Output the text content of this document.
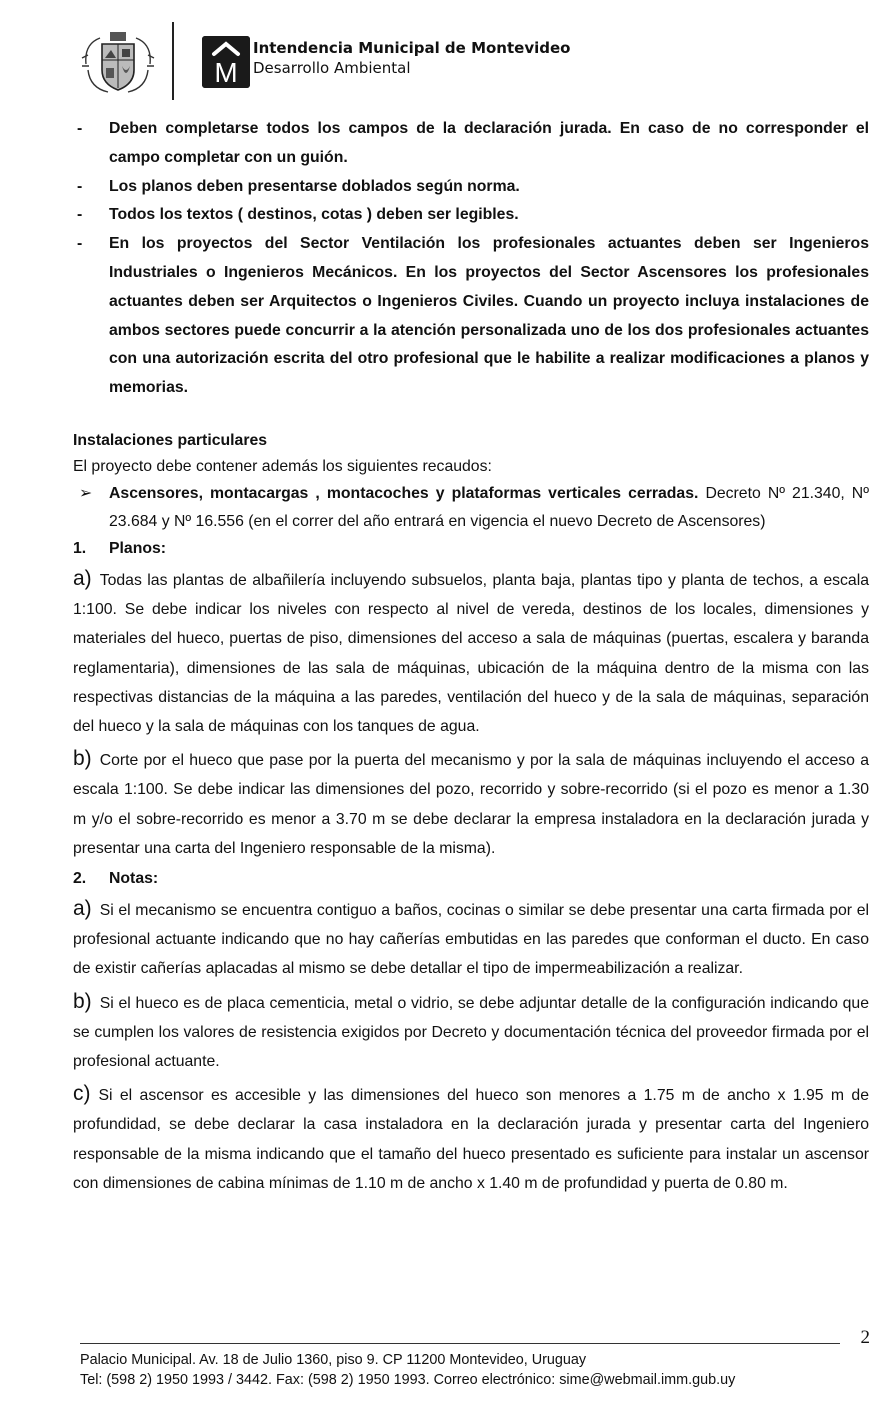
M
Intendencia Municipal de Montevideo
Desarrollo Ambiental
- Deben completarse todos los campos de la declaración jurada. En caso de no corresponder el campo completar con un guión.
- Los planos deben presentarse doblados según norma.
- Todos los textos ( destinos, cotas ) deben ser legibles.
- En los proyectos del Sector Ventilación los profesionales actuantes deben ser Ingenieros Industriales o Ingenieros Mecánicos. En los proyectos del Sector Ascensores los profesionales actuantes deben ser Arquitectos o Ingenieros Civiles. Cuando un proyecto incluya instalaciones de ambos sectores puede concurrir a la atención personalizada uno de los dos profesionales actuantes con una autorización escrita del otro profesional que le habilite a realizar modificaciones a planos y memorias.
Instalaciones particulares
El proyecto debe contener además los siguientes recaudos:
➢ Ascensores, montacargas , montacoches y plataformas verticales cerradas. Decreto Nº 21.340, Nº 23.684 y Nº 16.556 (en el correr del año entrará en vigencia el nuevo Decreto de Ascensores)
1. Planos:

a) Todas las plantas de albañilería incluyendo subsuelos, planta baja, plantas tipo y planta de techos, a escala 1:100. Se debe indicar los niveles con respecto al nivel de vereda, destinos de los locales, dimensiones y materiales del hueco, puertas de piso, dimensiones del acceso a sala de máquinas (puertas, escalera y baranda reglamentaria), dimensiones de las sala de máquinas, ubicación de la máquina dentro de la misma con las respectivas distancias de la máquina a las paredes, ventilación del hueco y de la sala de máquinas, separación del hueco y la sala de máquinas con los tanques de agua.

b) Corte por el hueco que pase por la puerta del mecanismo y por la sala de máquinas incluyendo el acceso a escala 1:100. Se debe indicar las dimensiones del pozo, recorrido y sobre-recorrido (si el pozo es menor a 1.30 m y/o el sobre-recorrido es menor a 3.70 m se debe declarar la empresa instaladora en la declaración jurada y presentar una carta del Ingeniero responsable de la misma).

2. Notas:

a) Si el mecanismo se encuentra contiguo a baños, cocinas o similar se debe presentar una carta firmada por el profesional actuante indicando que no hay cañerías embutidas en las paredes que conforman el ducto. En caso de existir cañerías aplacadas al mismo se debe detallar el tipo de impermeabilización a realizar.

b) Si el hueco es de placa cementicia, metal o vidrio, se debe adjuntar detalle de la configuración indicando que se cumplen los valores de resistencia exigidos por Decreto y documentación técnica del proveedor firmada por el profesional actuante.

c) Si el ascensor es accesible y las dimensiones del hueco son menores a 1.75 m de ancho x 1.95 m de profundidad, se debe declarar la casa instaladora en la declaración jurada y presentar carta del Ingeniero responsable de la misma indicando que el tamaño del hueco presentado es suficiente para instalar un ascensor con dimensiones de cabina mínimas de 1.10 m de ancho x 1.40 m de profundidad y puerta de 0.80 m.

2
Palacio Municipal. Av. 18 de Julio 1360, piso 9. CP 11200 Montevideo, Uruguay
Tel: (598 2) 1950 1993 / 3442. Fax: (598 2) 1950 1993. Correo electrónico: sime@webmail.imm.gub.uy
